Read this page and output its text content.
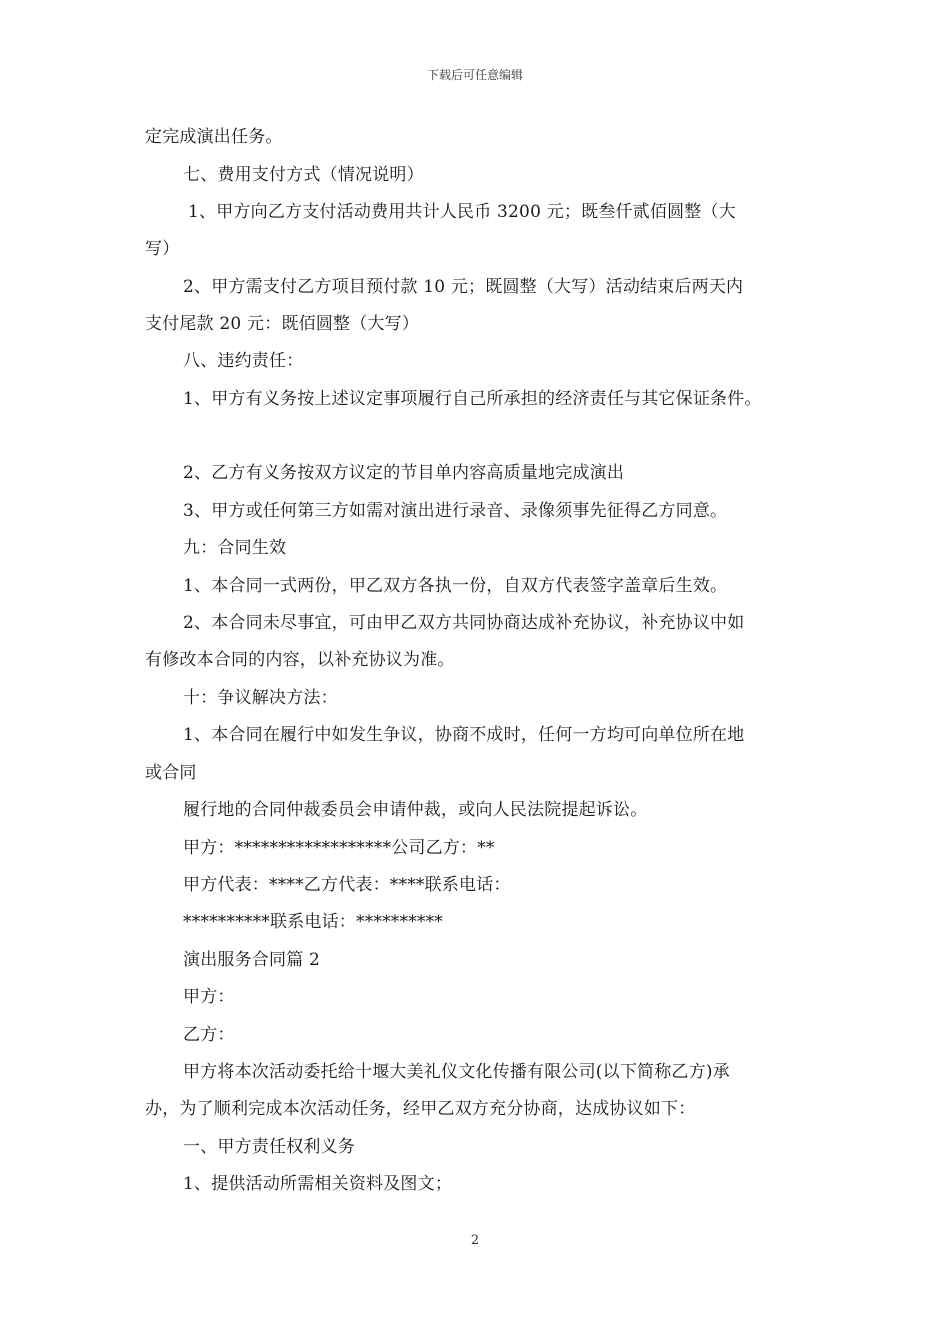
下载后可任意编辑
定完成演出任务。
七、费用支付方式（情况说明）
1、甲方向乙方支付活动费用共计人民币 3200 元；既叁仟贰佰圆整（大
写）
2、甲方需支付乙方项目预付款 10 元；既圆整（大写）活动结束后两天内
支付尾款 20 元：既佰圆整（大写）
八、违约责任：
1、甲方有义务按上述议定事项履行自己所承担的经济责任与其它保证条件。
2、乙方有义务按双方议定的节目单内容高质量地完成演出
3、甲方或任何第三方如需对演出进行录音、录像须事先征得乙方同意。
九：合同生效
1、本合同一式两份，甲乙双方各执一份，自双方代表签字盖章后生效。
2、本合同未尽事宜，可由甲乙双方共同协商达成补充协议，补充协议中如
有修改本合同的内容，以补充协议为准。
十：争议解决方法：
1、本合同在履行中如发生争议，协商不成时，任何一方均可向单位所在地
或合同
履行地的合同仲裁委员会申请仲裁，或向人民法院提起诉讼。
甲方：******************公司乙方：**
甲方代表：****乙方代表：****联系电话：
**********联系电话：**********
演出服务合同篇 2
甲方：
乙方：
甲方将本次活动委托给十堰大美礼仪文化传播有限公司(以下简称乙方)承
办，为了顺利完成本次活动任务，经甲乙双方充分协商，达成协议如下：
一、甲方责任权利义务
1、提供活动所需相关资料及图文；
2
